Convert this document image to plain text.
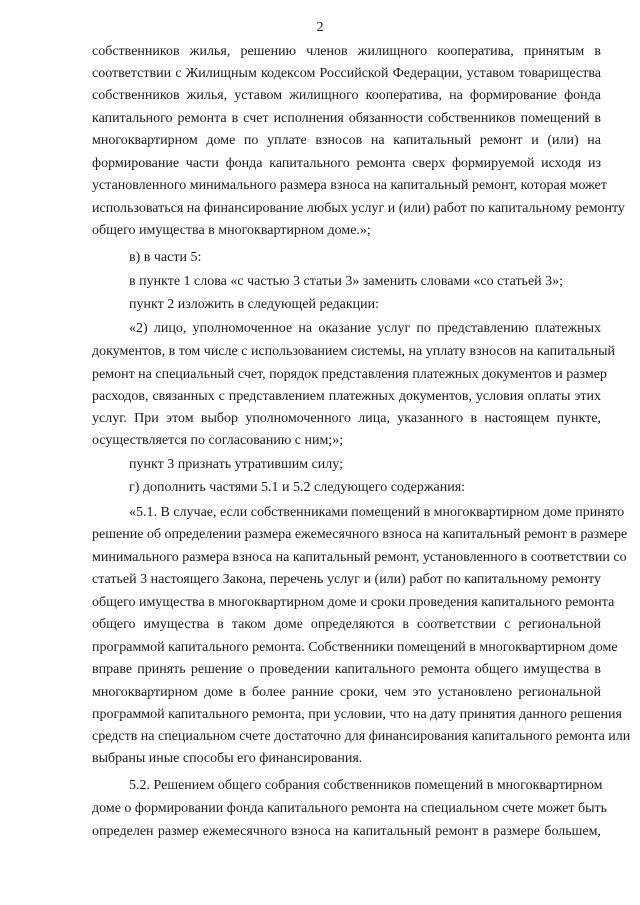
2
собственников жилья, решению членов жилищного кооператива, принятым в
соответствии с Жилищным кодексом Российской Федерации, уставом товарищества
собственников жилья, уставом жилищного кооператива, на формирование фонда
капитального ремонта в счет исполнения обязанности собственников помещений в
многоквартирном доме по уплате взносов на капитальный ремонт и (или) на
формирование части фонда капитального ремонта сверх формируемой исходя из
установленного минимального размера взноса на капитальный ремонт, которая может
использоваться на финансирование любых услуг и (или) работ по капитальному ремонту
общего имущества в многоквартирном доме.»;
в) в части 5:
в пункте 1 слова «с частью 3 статьи 3» заменить словами «со статьей 3»;
пункт 2 изложить в следующей редакции:
«2) лицо, уполномоченное на оказание услуг по представлению платежных
документов, в том числе с использованием системы, на уплату взносов на капитальный
ремонт на специальный счет, порядок представления платежных документов и размер
расходов, связанных с представлением платежных документов, условия оплаты этих
услуг. При этом выбор уполномоченного лица, указанного в настоящем пункте,
осуществляется по согласованию с ним;»;
пункт 3 признать утратившим силу;
г) дополнить частями 5.1 и 5.2 следующего содержания:
«5.1. В случае, если собственниками помещений в многоквартирном доме принято
решение об определении размера ежемесячного взноса на капитальный ремонт в размере
минимального размера взноса на капитальный ремонт, установленного в соответствии со
статьей 3 настоящего Закона, перечень услуг и (или) работ по капитальному ремонту
общего имущества в многоквартирном доме и сроки проведения капитального ремонта
общего имущества в таком доме определяются в соответствии с региональной
программой капитального ремонта. Собственники помещений в многоквартирном доме
вправе принять решение о проведении капитального ремонта общего имущества в
многоквартирном доме в более ранние сроки, чем это установлено региональной
программой капитального ремонта, при условии, что на дату принятия данного решения
средств на специальном счете достаточно для финансирования капитального ремонта или
выбраны иные способы его финансирования.
5.2. Решением общего собрания собственников помещений в многоквартирном
доме о формировании фонда капитального ремонта на специальном счете может быть
определен размер ежемесячного взноса на капитальный ремонт в размере большем,
